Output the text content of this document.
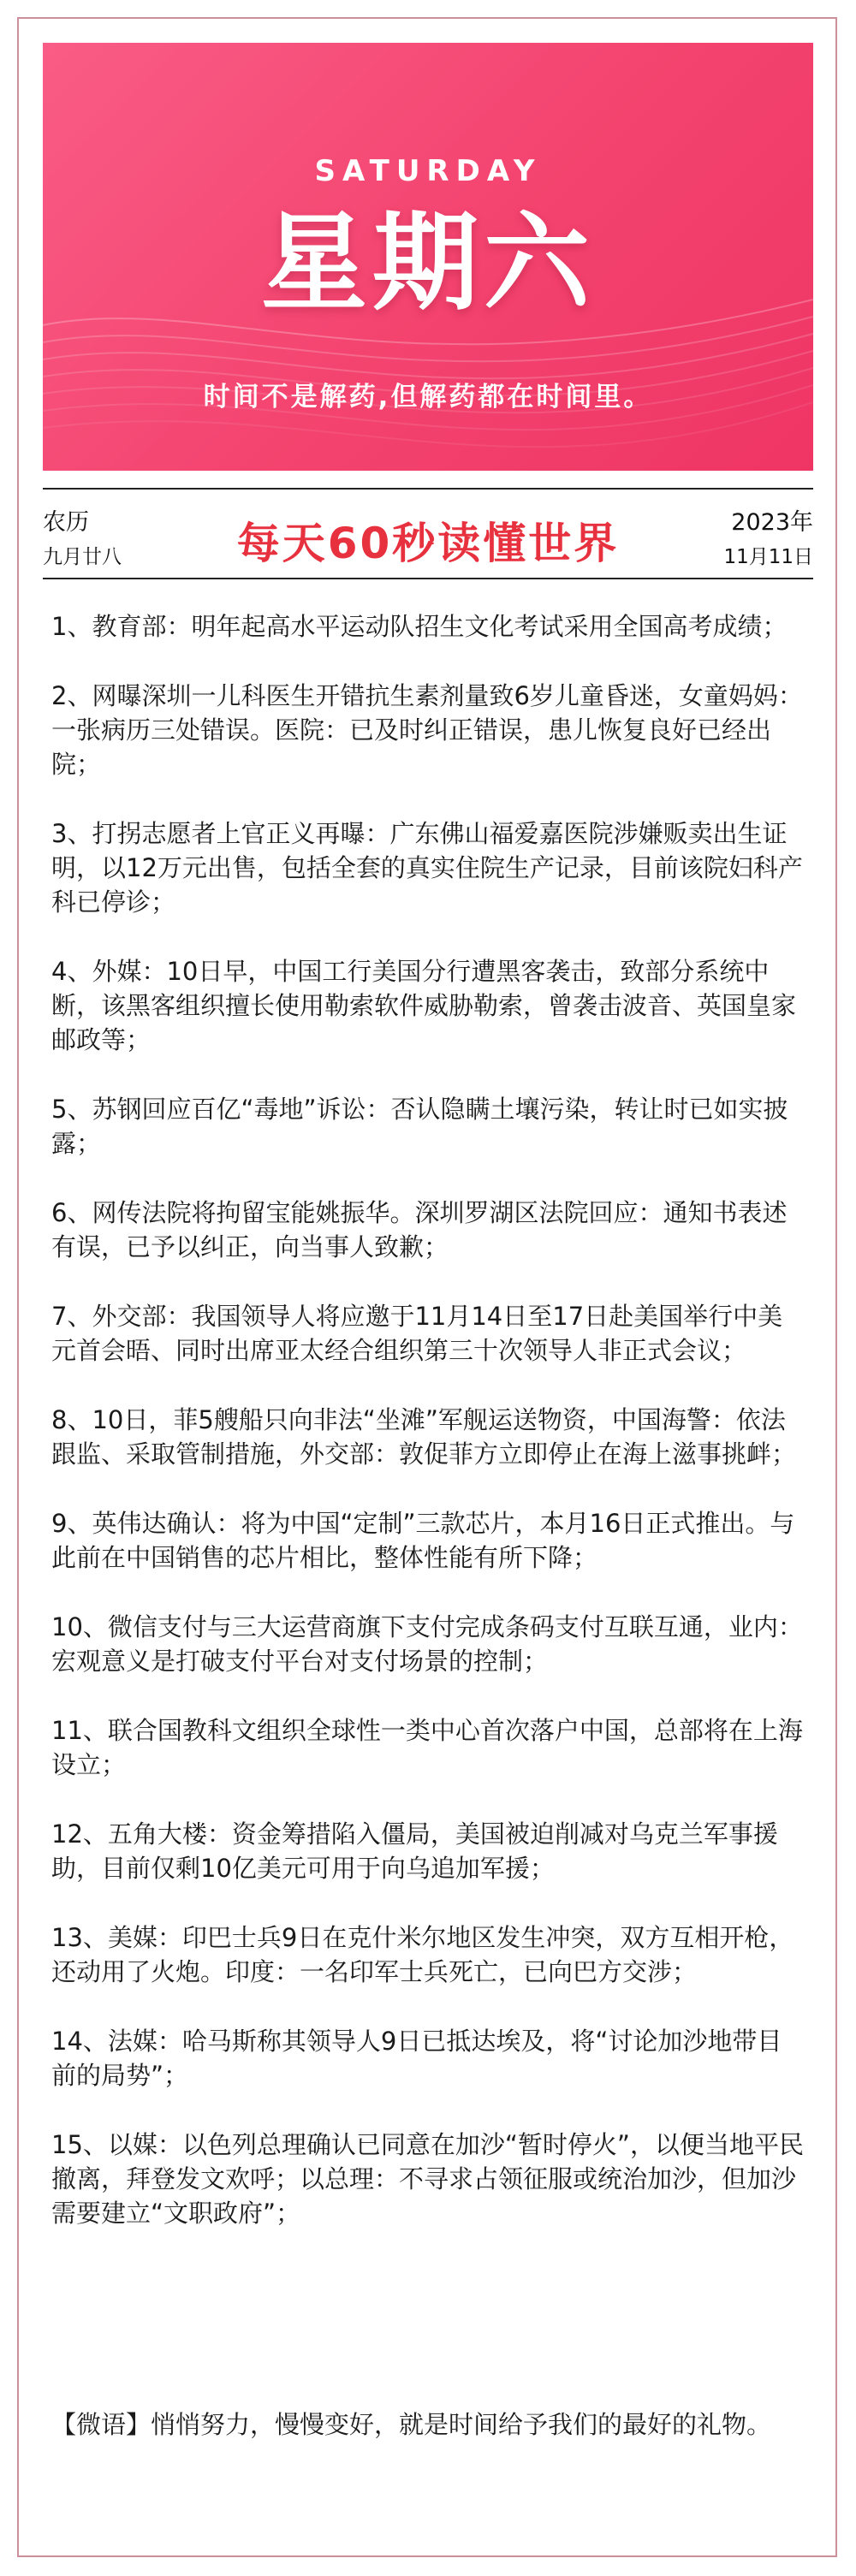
SATURDAY
星期六
时间不是解药,但解药都在时间里。
农历
九月廿八	每天60秒读懂世界	2023年
11月11日
1、教育部：明年起高水平运动队招生文化考试采用全国高考成绩；
2、网曝深圳一儿科医生开错抗生素剂量致6岁儿童昏迷，女童妈妈：一张病历三处错误。医院：已及时纠正错误，患儿恢复良好已经出院；
3、打拐志愿者上官正义再曝：广东佛山福爱嘉医院涉嫌贩卖出生证明，以12万元出售，包括全套的真实住院生产记录，目前该院妇科产科已停诊；
4、外媒：10日早，中国工行美国分行遭黑客袭击，致部分系统中断，该黑客组织擅长使用勒索软件威胁勒索，曾袭击波音、英国皇家邮政等；
5、苏钢回应百亿“毒地”诉讼：否认隐瞒土壤污染，转让时已如实披露；
6、网传法院将拘留宝能姚振华。深圳罗湖区法院回应：通知书表述有误，已予以纠正，向当事人致歉；
7、外交部：我国领导人将应邀于11月14日至17日赴美国举行中美元首会晤、同时出席亚太经合组织第三十次领导人非正式会议；
8、10日，菲5艘船只向非法“坐滩”军舰运送物资，中国海警：依法跟监、采取管制措施，外交部：敦促菲方立即停止在海上滋事挑衅；
9、英伟达确认：将为中国“定制”三款芯片，本月16日正式推出。与此前在中国销售的芯片相比，整体性能有所下降；
10、微信支付与三大运营商旗下支付完成条码支付互联互通，业内：宏观意义是打破支付平台对支付场景的控制；
11、联合国教科文组织全球性一类中心首次落户中国，总部将在上海设立；
12、五角大楼：资金筹措陷入僵局，美国被迫削减对乌克兰军事援助，目前仅剩10亿美元可用于向乌追加军援；
13、美媒：印巴士兵9日在克什米尔地区发生冲突，双方互相开枪，还动用了火炮。印度：一名印军士兵死亡，已向巴方交涉；
14、法媒：哈马斯称其领导人9日已抵达埃及，将“讨论加沙地带目前的局势”；
15、以媒：以色列总理确认已同意在加沙“暂时停火”，以便当地平民撤离，拜登发文欢呼；以总理：不寻求占领征服或统治加沙，但加沙需要建立“文职政府”；
【微语】悄悄努力，慢慢变好，就是时间给予我们的最好的礼物。
